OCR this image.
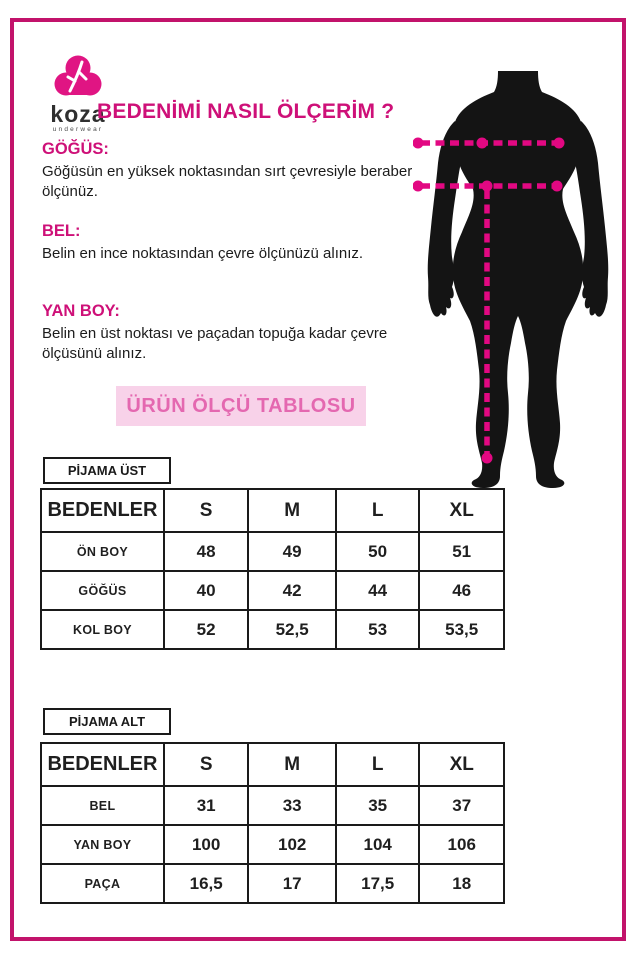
koza
underwear
BEDENİMİ NASIL ÖLÇERİM ?
GÖĞÜS:
Göğüsün en yüksek noktasından sırt çevresiyle beraber ölçünüz.
BEL:
Belin en ince noktasından çevre ölçünüzü alınız.
YAN BOY:
Belin en üst noktası ve paçadan topuğa kadar çevre ölçüsünü alınız.
ÜRÜN ÖLÇÜ TABLOSU
PİJAMA ÜST
BEDENLER	S	M	L	XL
ÖN BOY	48	49	50	51
GÖĞÜS	40	42	44	46
KOL BOY	52	52,5	53	53,5
PİJAMA ALT
BEDENLER	S	M	L	XL
BEL	31	33	35	37
YAN BOY	100	102	104	106
PAÇA	16,5	17	17,5	18
